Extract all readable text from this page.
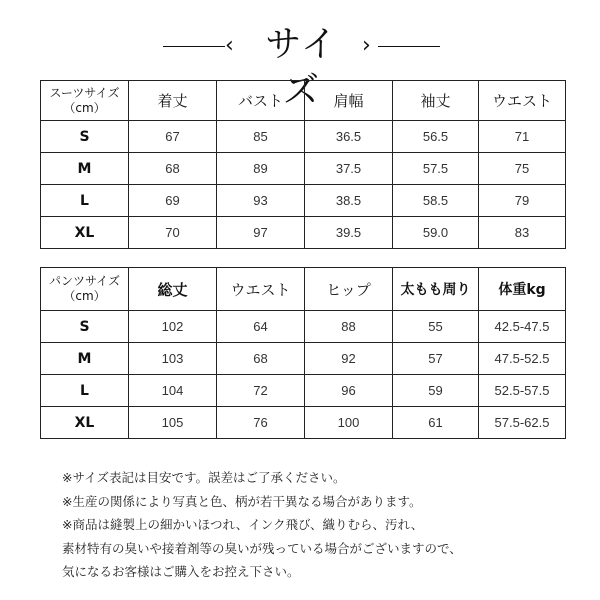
‹ サイズ
›
スーツサイズ
（cm）	着丈	バスト	肩幅	袖丈	ウエスト
S	67	85	36.5	56.5	71
M	68	89	37.5	57.5	75
L	69	93	38.5	58.5	79
XL	70	97	39.5	59.0	83
パンツサイズ
（cm）	総丈	ウエスト	ヒップ	太もも周り	体重kg
S	102	64	88	55	42.5-47.5
M	103	68	92	57	47.5-52.5
L	104	72	96	59	52.5-57.5
XL	105	76	100	61	57.5-62.5
※サイズ表記は目安です。誤差はご了承ください。
※生産の関係により写真と色、柄が若干異なる場合があります。
※商品は縫製上の細かいほつれ、インク飛び、織りむら、汚れ、
素材特有の臭いや接着剤等の臭いが残っている場合がございますので、
気になるお客様はご購入をお控え下さい。
